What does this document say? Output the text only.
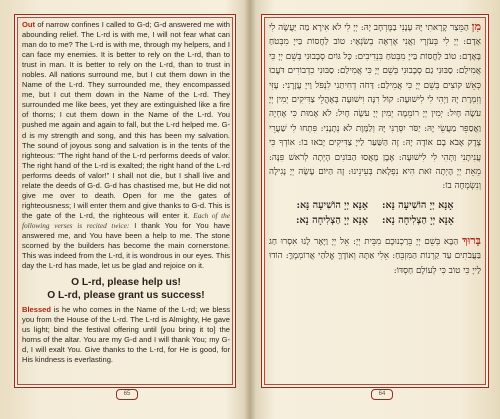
Out of narrow confines I called to G-d; G-d answered me with abounding relief. The L-rd is with me, I will not fear what can man do to me? The L-rd is with me, through my helpers, and I can face my enemies. It is better to rely on the L-rd, than to trust in man. It is better to rely on the L-rd, than to trust in nobles. All nations surround me, but I cut them down in the Name of the L-rd. They surrounded me, they encompassed me, but I cut them down in the Name of the L-rd. They surrounded me like bees, yet they are extinguished like a fire of thorns; I cut them down in the Name of the L-rd. You pushed me again and again to fall, but the L-rd helped me. G-d is my strength and song, and this has been my salvation. The sound of joyous song and salvation is in the tents of the righteous: "The right hand of the L-rd performs deeds of valor. The right hand of the L-rd is exalted; the right hand of the L-rd performs deeds of valor!" I shall not die, but I shall live and relate the deeds of G-d. G-d has chastised me, but He did not give me over to death. Open for me the gates of righteousness; I will enter them and give thanks to G-d. This is the gate of the L-rd, the righteous will enter it. Each of the following verses is recited twice: I thank You for You have answered me, and You have been a help to me. The stone scorned by the builders has become the main cornerstone. This was indeed from the L-rd, it is wondrous in our eyes. This day the L-rd has made, let us be glad and rejoice on it.

O L-rd, please help us!
O L-rd, please grant us success!

Blessed is he who comes in the Name of the L-rd; we bless you from the House of the L-rd. The L-rd is Almighty, He gave us light; bind the festival offering until [you bring it to] the horns of the altar. You are my G-d and I will thank You; my G-d, I will exalt You. Give thanks to the L-rd, for He is good, for His kindness is everlasting.

65

מִן הַמֵּצַר קָרָאתִי יָּהּ עָנָנִי בַמֶּרְחָב יָהּ: יְיָ לִי לֹא אִירָא מַה יַּעֲשֶׂה לִי אָדָם: יְיָ לִי בְּעֹזְרָי וַאֲנִי אֶרְאֶה בְשֹׂנְאָי: טוֹב לַחֲסוֹת בַּייָ מִבְּטֹחַ בָּאָדָם: טוֹב לַחֲסוֹת בַּייָ מִבְּטֹחַ בִּנְדִיבִים: כָּל גּוֹיִם סְבָבוּנִי בְּשֵׁם יְיָ כִּי אֲמִילַם: סַבּוּנִי גַם סְבָבוּנִי בְּשֵׁם יְיָ כִּי אֲמִילַם: סַבּוּנִי כִדְבוֹרִים דֹּעֲכוּ כְּאֵשׁ קוֹצִים בְּשֵׁם יְיָ כִּי אֲמִילַם: דַּחֹה דְחִיתַנִי לִנְפֹּל וַייָ עֲזָרָנִי: עָזִּי וְזִמְרָת יָהּ וַיְהִי לִי לִישׁוּעָה: קוֹל רִנָּה וִישׁוּעָה בְּאָהֳלֵי צַדִּיקִים יְמִין יְיָ עֹשָׂה חָיִל: יְמִין יְיָ רוֹמֵמָה יְמִין יְיָ עֹשָׂה חָיִל: לֹא אָמוּת כִּי אֶחְיֶה וַאֲסַפֵּר מַעֲשֵׂי יָהּ: יַסֹּר יִסְּרַנִּי יָּהּ וְלַמָּוֶת לֹא נְתָנָנִי: פִּתְחוּ לִי שַׁעֲרֵי צֶדֶק אָבֹא בָם אוֹדֶה יָהּ: זֶה הַשַּׁעַר לַייָ צַדִּיקִים יָבֹאוּ בוֹ: אוֹדְךָ כִּי עֲנִיתָנִי וַתְּהִי לִי לִישׁוּעָה: אֶבֶן מָאֲסוּ הַבּוֹנִים הָיְתָה לְרֹאשׁ פִּנָּה: מֵאֵת יְיָ הָיְתָה זֹּאת הִיא נִפְלָאת בְּעֵינֵינוּ: זֶה הַיּוֹם עָשָׂה יְיָ נָגִילָה וְנִשְׂמְחָה בוֹ:

אָנָּא יְיָ הוֹשִׁיעָה נָּא:
אָנָּא יְיָ הוֹשִׁיעָה נָּא:
אָנָּא יְיָ הַצְלִיחָה נָא:
אָנָּא יְיָ הַצְלִיחָה נָא:

בָּרוּךְ הַבָּא בְּשֵׁם יְיָ בֵּרַכְנוּכֶם מִבֵּית יְיָ: אֵל יְיָ וַיָּאֶר לָנוּ אִסְרוּ חַג בַּעֲבֹתִים עַד קַרְנוֹת הַמִּזְבֵּחַ: אֵלִי אַתָּה וְאוֹדֶךָּ אֱלֹהַי אֲרוֹמְמֶךָּ: הוֹדוּ לַייָ כִּי טוֹב כִּי לְעוֹלָם חַסְדּוֹ:

64
